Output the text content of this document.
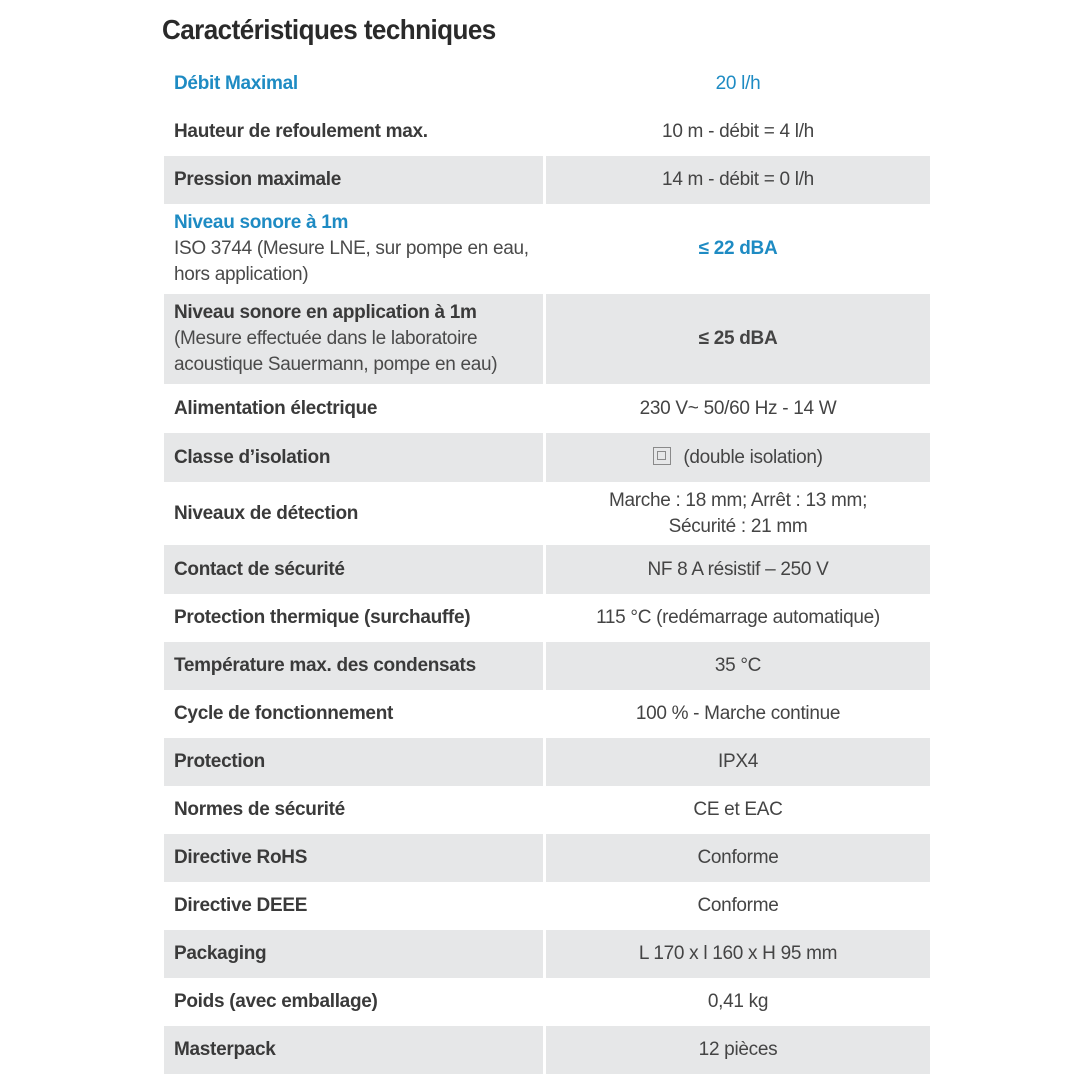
Caractéristiques techniques
Débit Maximal		20 l/h
Hauteur de refoulement max.		10 m - débit = 4 l/h
Pression maximale		14 m - débit = 0 l/h
Niveau sonore à 1m
ISO 3744 (Mesure LNE, sur pompe en eau,
hors application)		≤ 22 dBA
Niveau sonore en application à 1m
(Mesure effectuée dans le laboratoire
acoustique Sauermann, pompe en eau)		≤ 25 dBA
Alimentation électrique		230 V~ 50/60 Hz - 14 W
Classe d’isolation		(double isolation)
Niveaux de détection		Marche : 18 mm; Arrêt : 13 mm;
Sécurité : 21 mm

Contact de sécurité		NF 8 A résistif – 250 V
Protection thermique (surchauffe)		115 °C (redémarrage automatique)
Température max. des condensats		35 °C
Cycle de fonctionnement		100 % - Marche continue
Protection		IPX4
Normes de sécurité		CE et EAC
Directive RoHS		Conforme
Directive DEEE		Conforme
Packaging		L 170 x l 160 x H 95 mm
Poids (avec emballage)		0,41 kg
Masterpack		12 pièces
